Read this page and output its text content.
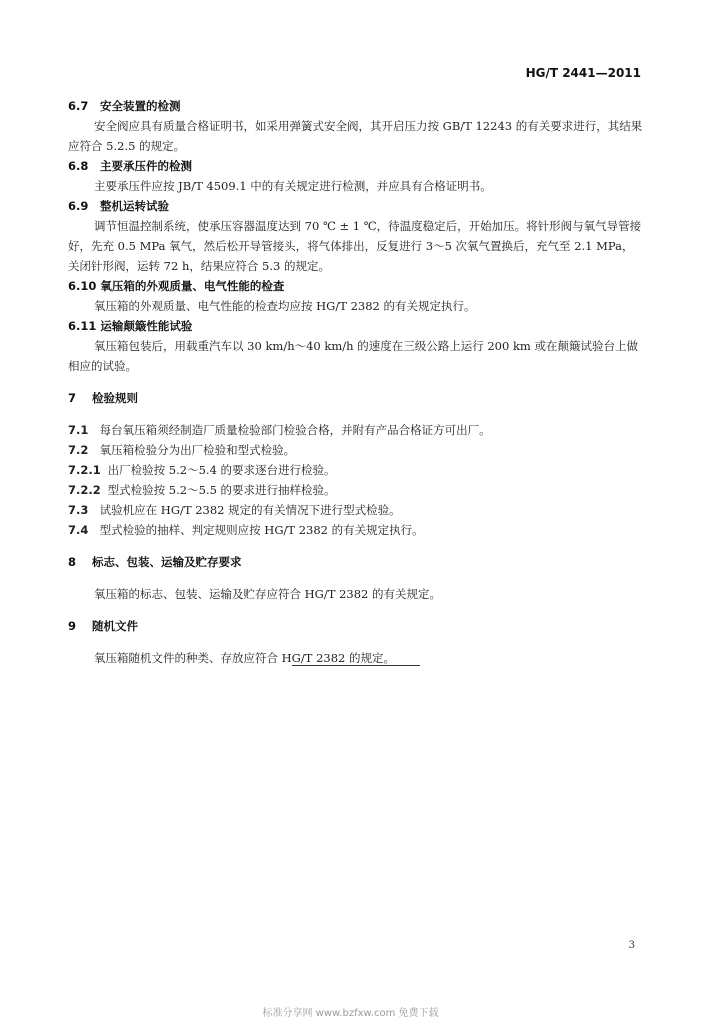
HG/T 2441—2011

6.7 安全装置的检测

安全阀应具有质量合格证明书，如采用弹簧式安全阀，其开启压力按 GB/T 12243 的有关要求进行，其结果应符合 5.2.5 的规定。

6.8 主要承压件的检测

主要承压件应按 JB/T 4509.1 中的有关规定进行检测，并应具有合格证明书。

6.9 整机运转试验

调节恒温控制系统，使承压容器温度达到 70 ℃ ± 1 ℃，待温度稳定后，开始加压。将针形阀与氧气导管接好，先充 0.5 MPa 氧气，然后松开导管接头，将气体排出，反复进行 3～5 次氧气置换后，充气至 2.1 MPa，关闭针形阀，运转 72 h，结果应符合 5.3 的规定。

6.10 氧压箱的外观质量、电气性能的检查

氧压箱的外观质量、电气性能的检查均应按 HG/T 2382 的有关规定执行。

6.11 运输颠簸性能试验

氧压箱包装后，用载重汽车以 30 km/h～40 km/h 的速度在三级公路上运行 200 km 或在颠簸试验台上做相应的试验。

7 检验规则

7.1 每台氧压箱须经制造厂质量检验部门检验合格，并附有产品合格证方可出厂。

7.2 氧压箱检验分为出厂检验和型式检验。

7.2.1 出厂检验按 5.2～5.4 的要求逐台进行检验。

7.2.2 型式检验按 5.2～5.5 的要求进行抽样检验。

7.3 试验机应在 HG/T 2382 规定的有关情况下进行型式检验。

7.4 型式检验的抽样、判定规则应按 HG/T 2382 的有关规定执行。

8 标志、包装、运输及贮存要求

氧压箱的标志、包装、运输及贮存应符合 HG/T 2382 的有关规定。

9 随机文件

氧压箱随机文件的种类、存放应符合 HG/T 2382 的规定。

3
标准分享网 www.bzfxw.com 免费下载
